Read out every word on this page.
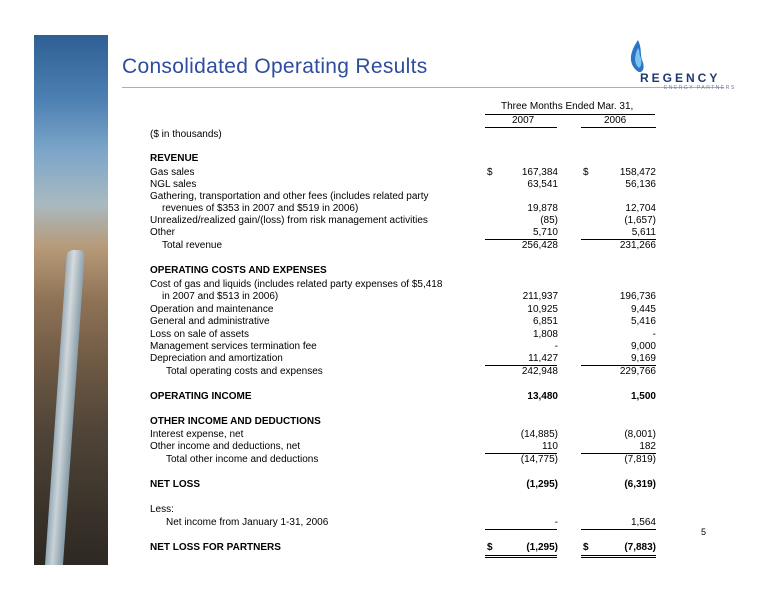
Consolidated Operating Results	REGENCY
ENERGY PARTNERS
Three Months Ended Mar. 31,
2007	2006
($ in thousands)
REVENUE
Gas sales	$	167,384	$	158,472
NGL sales	63,541	56,136
Gathering, transportation and other fees (includes related party
revenues of $353 in 2007 and $519 in 2006)	19,878	12,704
Unrealized/realized gain/(loss) from risk management activities	(85)	(1,657)
Other	5,710	5,611
Total revenue	256,428	231,266
OPERATING COSTS AND EXPENSES
Cost of gas and liquids (includes related party expenses of $5,418
in 2007 and $513 in 2006)	211,937	196,736
Operation and maintenance	10,925	9,445
General and administrative	6,851	5,416
Loss on sale of assets	1,808	-
Management services termination fee	-	9,000
Depreciation and amortization	11,427	9,169
Total operating costs and expenses	242,948	229,766
OPERATING INCOME	13,480	1,500
OTHER INCOME AND DEDUCTIONS
Interest expense, net	(14,885)	(8,001)
Other income and deductions, net	110	182
Total other income and deductions	(14,775)	(7,819)
NET LOSS	(1,295)	(6,319)
Less:
Net income from January 1-31, 2006	-	1,564
NET LOSS FOR PARTNERS	$	(1,295)	$	(7,883)
5
